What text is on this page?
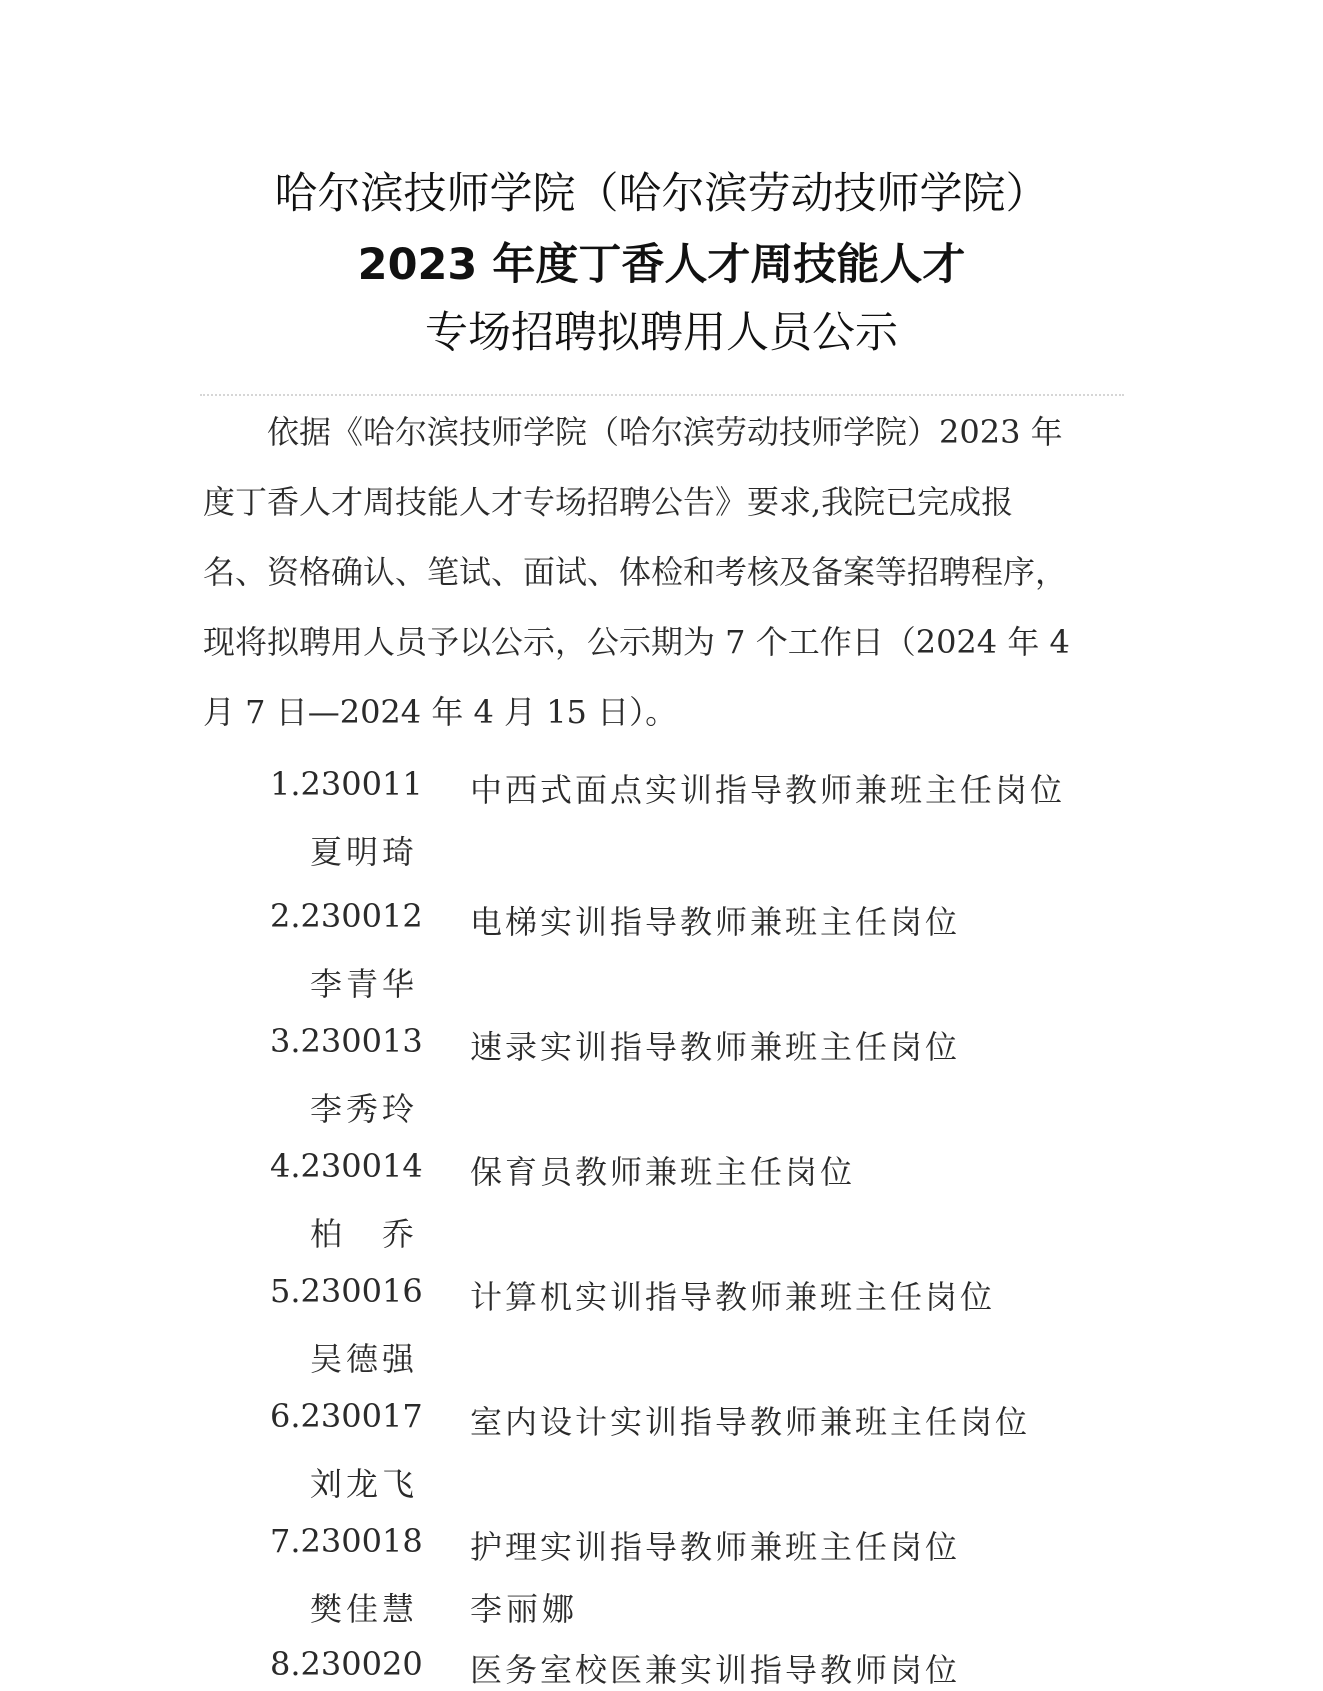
哈尔滨技师学院（哈尔滨劳动技师学院）
2023 年度丁香人才周技能人才
专场招聘拟聘用人员公示
　　依据《哈尔滨技师学院（哈尔滨劳动技师学院）2023 年
度丁香人才周技能人才专场招聘公告》要求,我院已完成报
名、资格确认、笔试、面试、体检和考核及备案等招聘程序，
现将拟聘用人员予以公示，公示期为 7 个工作日（2024 年 4
月 7 日—2024 年 4 月 15 日）。
1.230011 中西式面点实训指导教师兼班主任岗位
夏明琦
2.230012 电梯实训指导教师兼班主任岗位
李青华
3.230013 速录实训指导教师兼班主任岗位
李秀玲
4.230014 保育员教师兼班主任岗位
柏　乔
5.230016 计算机实训指导教师兼班主任岗位
吴德强
6.230017 室内设计实训指导教师兼班主任岗位
刘龙飞
7.230018 护理实训指导教师兼班主任岗位
樊佳慧 李丽娜
8.230020 医务室校医兼实训指导教师岗位
